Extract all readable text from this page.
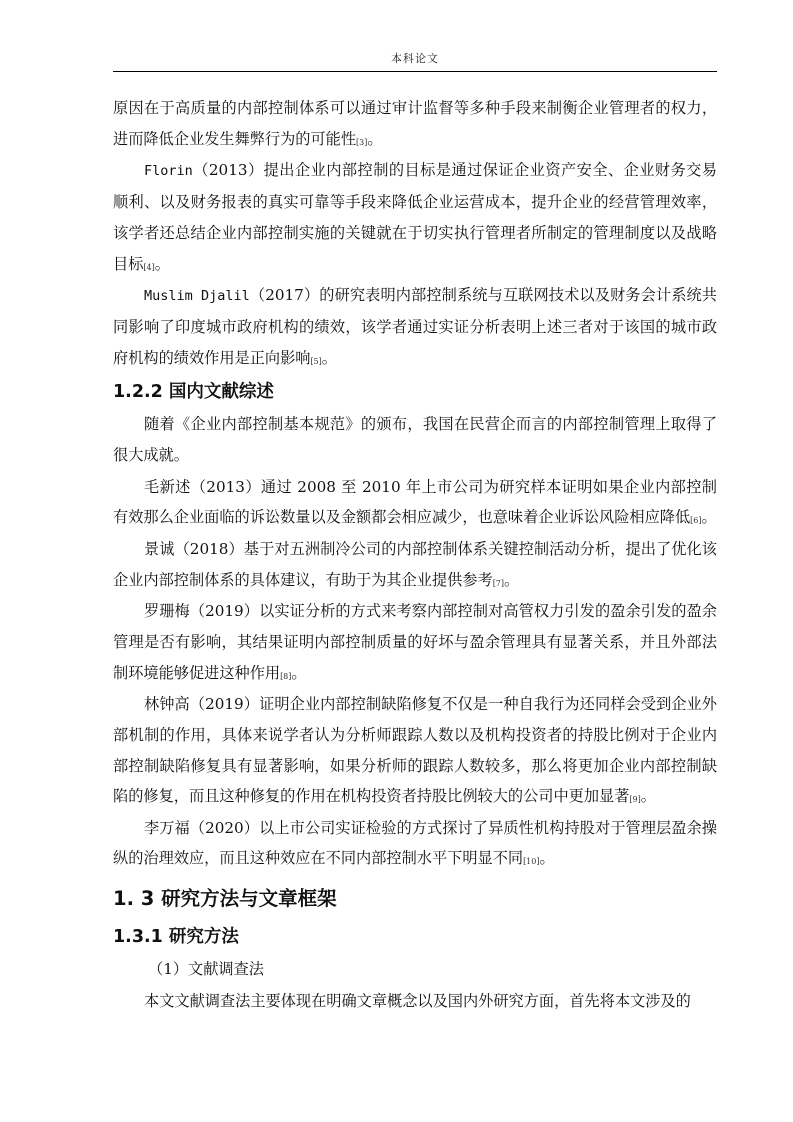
本科论文

原因在于高质量的内部控制体系可以通过审计监督等多种手段来制衡企业管理者的权力，进而降低企业发生舞弊行为的可能性[3]。

Florin（2013）提出企业内部控制的目标是通过保证企业资产安全、企业财务交易顺利、以及财务报表的真实可靠等手段来降低企业运营成本，提升企业的经营管理效率，该学者还总结企业内部控制实施的关键就在于切实执行管理者所制定的管理制度以及战略目标[4]。

Muslim Djalil（2017）的研究表明内部控制系统与互联网技术以及财务会计系统共同影响了印度城市政府机构的绩效，该学者通过实证分析表明上述三者对于该国的城市政府机构的绩效作用是正向影响[5]。

1.2.2 国内文献综述

随着《企业内部控制基本规范》的颁布，我国在民营企而言的内部控制管理上取得了很大成就。

毛新述（2013）通过 2008 至 2010 年上市公司为研究样本证明如果企业内部控制有效那么企业面临的诉讼数量以及金额都会相应减少，也意味着企业诉讼风险相应降低[6]。

景诚（2018）基于对五洲制冷公司的内部控制体系关键控制活动分析，提出了优化该企业内部控制体系的具体建议，有助于为其企业提供参考[7]。

罗珊梅（2019）以实证分析的方式来考察内部控制对高管权力引发的盈余引发的盈余管理是否有影响，其结果证明内部控制质量的好坏与盈余管理具有显著关系，并且外部法制环境能够促进这种作用[8]。

林钟高（2019）证明企业内部控制缺陷修复不仅是一种自我行为还同样会受到企业外部机制的作用，具体来说学者认为分析师跟踪人数以及机构投资者的持股比例对于企业内部控制缺陷修复具有显著影响，如果分析师的跟踪人数较多，那么将更加企业内部控制缺陷的修复，而且这种修复的作用在机构投资者持股比例较大的公司中更加显著[9]。

李万福（2020）以上市公司实证检验的方式探讨了异质性机构持股对于管理层盈余操纵的治理效应，而且这种效应在不同内部控制水平下明显不同[10]。

1. 3 研究方法与文章框架
1.3.1 研究方法

（1）文献调查法

本文文献调查法主要体现在明确文章概念以及国内外研究方面，首先将本文涉及的
